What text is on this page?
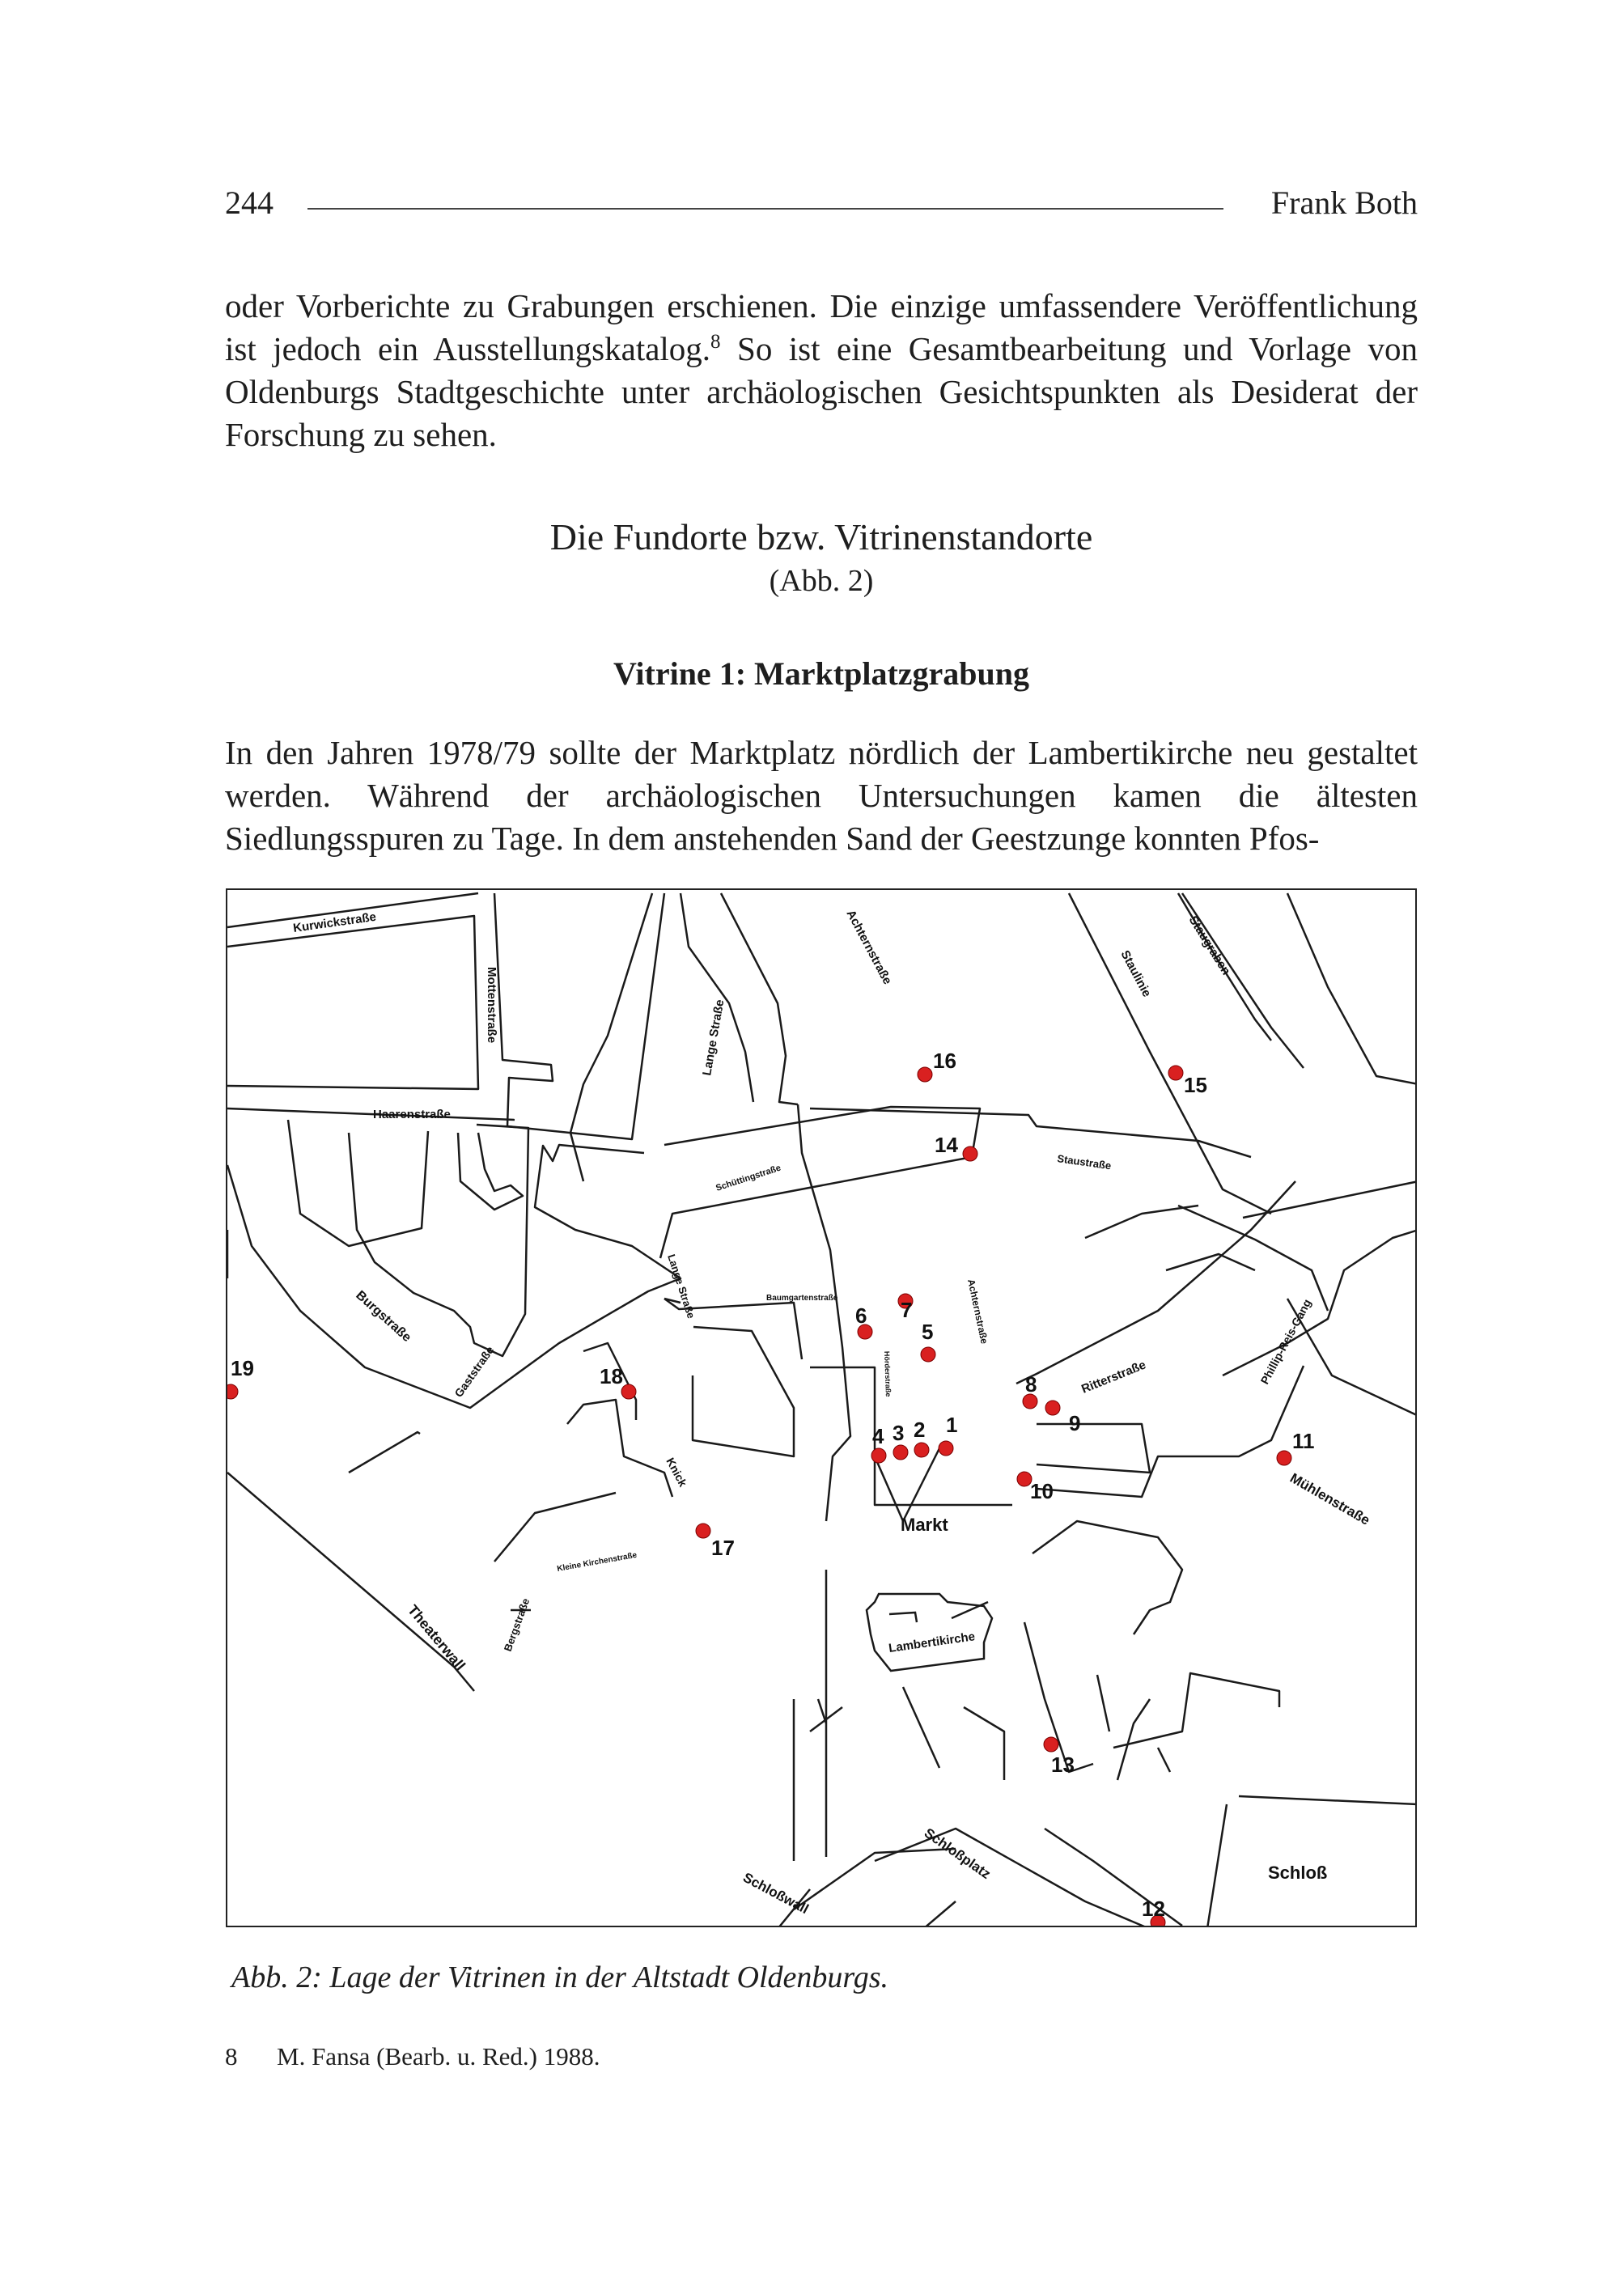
244	Frank Both

oder Vorberichte zu Grabungen erschienen. Die einzige umfassendere Veröffentlichung ist jedoch ein Ausstellungskatalog.$^8$ So ist eine Gesamtbearbeitung und Vorlage von Oldenburgs Stadtgeschichte unter archäologischen Gesichtspunkten als Desiderat der Forschung zu sehen.

Die Fundorte bzw. Vitrinenstandorte
(Abb. 2)
Vitrine 1: Marktplatzgrabung

In den Jahren 1978/79 sollte der Marktplatz nördlich der Lambertikirche neu gestaltet werden. Während der archäologischen Untersuchungen kamen die ältesten Siedlungsspuren zu Tage. In dem anstehenden Sand der Geestzunge konnten Pfos-

Kurwickstraße
Mottenstraße	Lange Straße
Achternstraße	Staulinie	Staugraben
Haarenstraße
Schüttingstraße
Staustraße
Burgstraße
Gaststraße
Lange Straße	Baumgartenstraße	Achternstraße
Ritterstraße	Phillip-Reis-Gang
Hörderstraße
Knick
Kleine Kirchenstraße
Bergstraße
Theaterwall
Mühlenstraße
Schloßplatz
Schloßwall
Markt
Lambertikirche
Schloß
1
2
3
4
5
6 7
8
9
10
11
12
13
14
15
16
17
18
19
Abb. 2: Lage der Vitrinen in der Altstadt Oldenburgs.
8 M. Fansa (Bearb. u. Red.) 1988.
